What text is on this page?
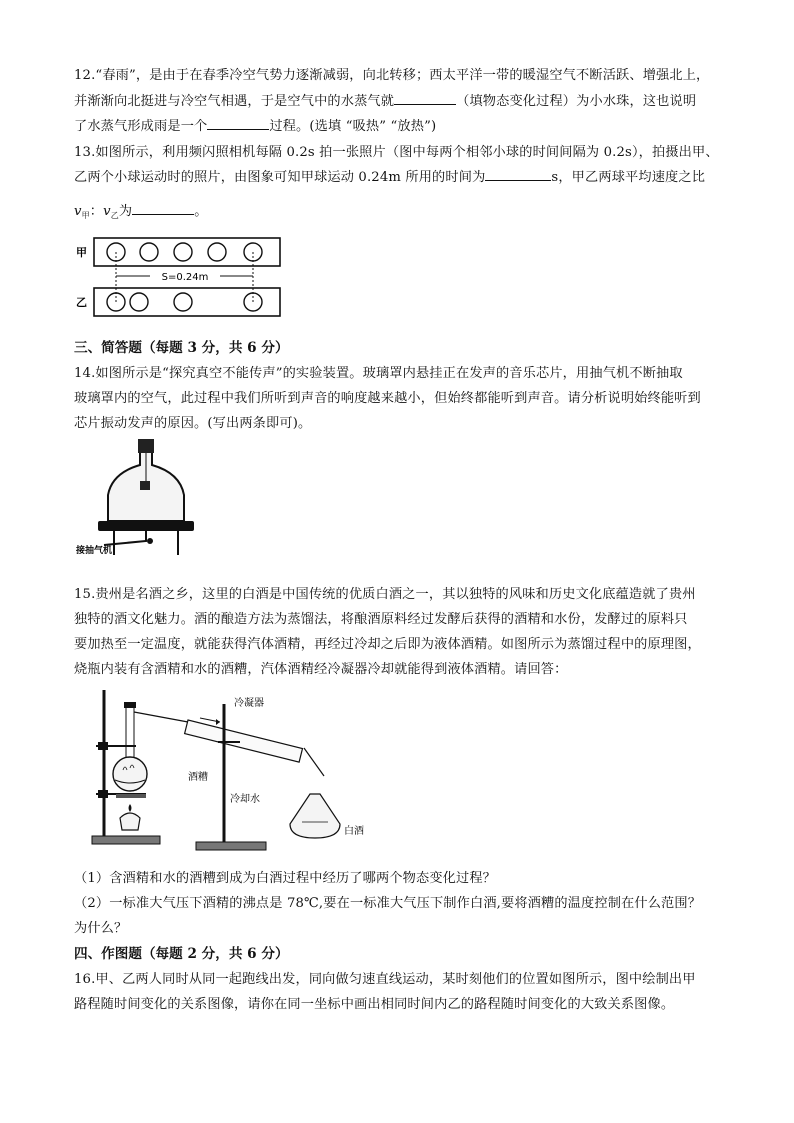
12.“春雨”，是由于在春季冷空气势力逐渐减弱，向北转移；西太平洋一带的暖湿空气不断活跃、增强北上，
并渐渐向北挺进与冷空气相遇，于是空气中的水蒸气就	（填物态变化过程）为小水珠，这也说明
了水蒸气形成雨是一个	过程。(选填 “吸热” “放热”)
13.如图所示，利用频闪照相机每隔 0.2s 拍一张照片（图中每两个相邻小球的时间间隔为 0.2s），拍摄出甲、
乙两个小球运动时的照片，由图象可知甲球运动 0.24m 所用的时间为	s，甲乙两球平均速度之比
$v_甲$：$v_乙$为	。
甲
S=0.24m
乙
三、简答题（每题 3 分，共 6 分）
14.如图所示是“探究真空不能传声”的实验装置。玻璃罩内悬挂正在发声的音乐芯片，用抽气机不断抽取
玻璃罩内的空气，此过程中我们所听到声音的响度越来越小，但始终都能听到声音。请分析说明始终能听到
芯片振动发声的原因。(写出两条即可)。
接抽气机
15.贵州是名酒之乡，这里的白酒是中国传统的优质白酒之一，其以独特的风味和历史文化底蕴造就了贵州
独特的酒文化魅力。酒的酿造方法为蒸馏法，将酿酒原料经过发酵后获得的酒精和水份，发酵过的原料只
要加热至一定温度，就能获得汽体酒精，再经过冷却之后即为液体酒精。如图所示为蒸馏过程中的原理图，
烧瓶内装有含酒精和水的酒糟，汽体酒精经冷凝器冷却就能得到液体酒精。请回答：
冷凝器
酒糟
冷却水
白酒
（1）含酒精和水的酒糟到成为白酒过程中经历了哪两个物态变化过程？
（2）一标准大气压下酒精的沸点是 78℃,要在一标准大气压下制作白酒,要将酒糟的温度控制在什么范围？
为什么？
四、作图题（每题 2 分，共 6 分）
16.甲、乙两人同时从同一起跑线出发，同向做匀速直线运动，某时刻他们的位置如图所示，图中绘制出甲
路程随时间变化的关系图像，请你在同一坐标中画出相同时间内乙的路程随时间变化的大致关系图像。
